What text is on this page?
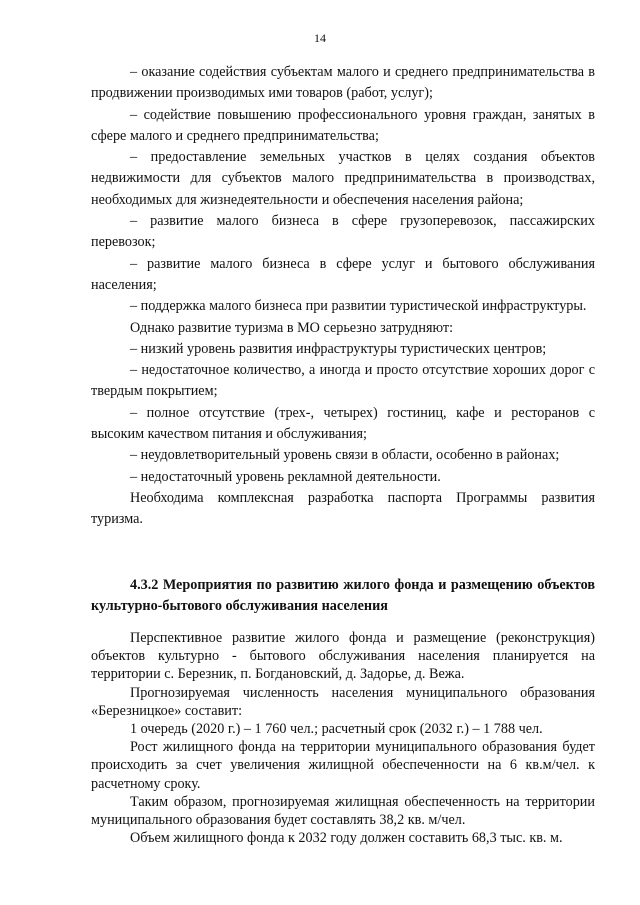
14

– оказание содействия субъектам малого и среднего предпринимательства в продвижении производимых ими товаров (работ, услуг);

– содействие повышению профессионального уровня граждан, занятых в сфере малого и среднего предпринимательства;

– предоставление земельных участков в целях создания объектов недвижимости для субъектов малого предпринимательства в производствах, необходимых для жизнедеятельности и обеспечения населения района;

– развитие малого бизнеса в сфере грузоперевозок, пассажирских перевозок;

– развитие малого бизнеса в сфере услуг и бытового обслуживания населения;

– поддержка малого бизнеса при развитии туристической инфраструктуры.

Однако развитие туризма в МО серьезно затрудняют:

– низкий уровень развития инфраструктуры туристических центров;

– недостаточное количество, а иногда и просто отсутствие хороших дорог с твердым покрытием;

– полное отсутствие (трех-, четырех) гостиниц, кафе и ресторанов с высоким качеством питания и обслуживания;

– неудовлетворительный уровень связи в области, особенно в районах;

– недостаточный уровень рекламной деятельности.

Необходима комплексная разработка паспорта Программы развития туризма.

4.3.2 Мероприятия по развитию жилого фонда и размещению объектов культурно-бытового обслуживания населения

Перспективное развитие жилого фонда и размещение (реконструкция) объектов культурно - бытового обслуживания населения планируется на территории с. Березник, п. Богдановский, д. Задорье, д. Вежа.

Прогнозируемая численность населения муниципального образования «Березницкое» составит:

1 очередь (2020 г.) – 1 760 чел.; расчетный срок (2032 г.) – 1 788 чел.

Рост жилищного фонда на территории муниципального образования будет происходить за счет увеличения жилищной обеспеченности на 6 кв.м/чел. к расчетному сроку.

Таким образом, прогнозируемая жилищная обеспеченность на территории муниципального образования будет составлять 38,2 кв. м/чел.

Объем жилищного фонда к 2032 году должен составить 68,3 тыс. кв. м.
